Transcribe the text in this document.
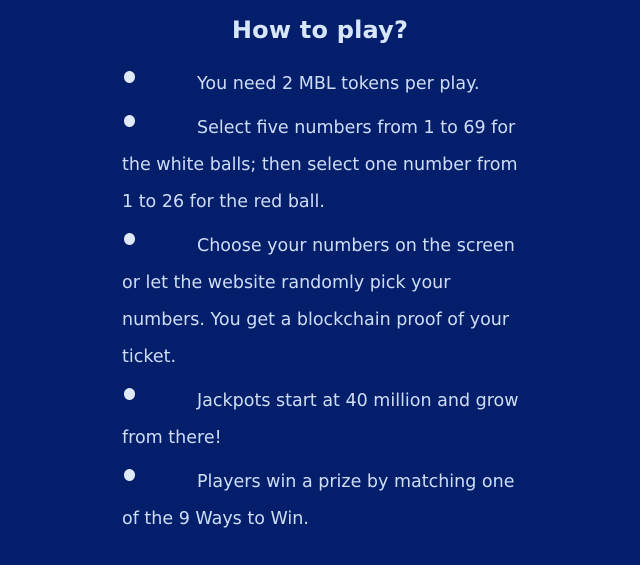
How to play?
You need 2 MBL tokens per play.
Select five numbers from 1 to 69 for the white balls; then select one number from 1 to 26 for the red ball.
Choose your numbers on the screen or let the website randomly pick your numbers. You get a blockchain proof of your ticket.
Jackpots start at 40 million and grow from there!
Players win a prize by matching one of the 9 Ways to Win.
